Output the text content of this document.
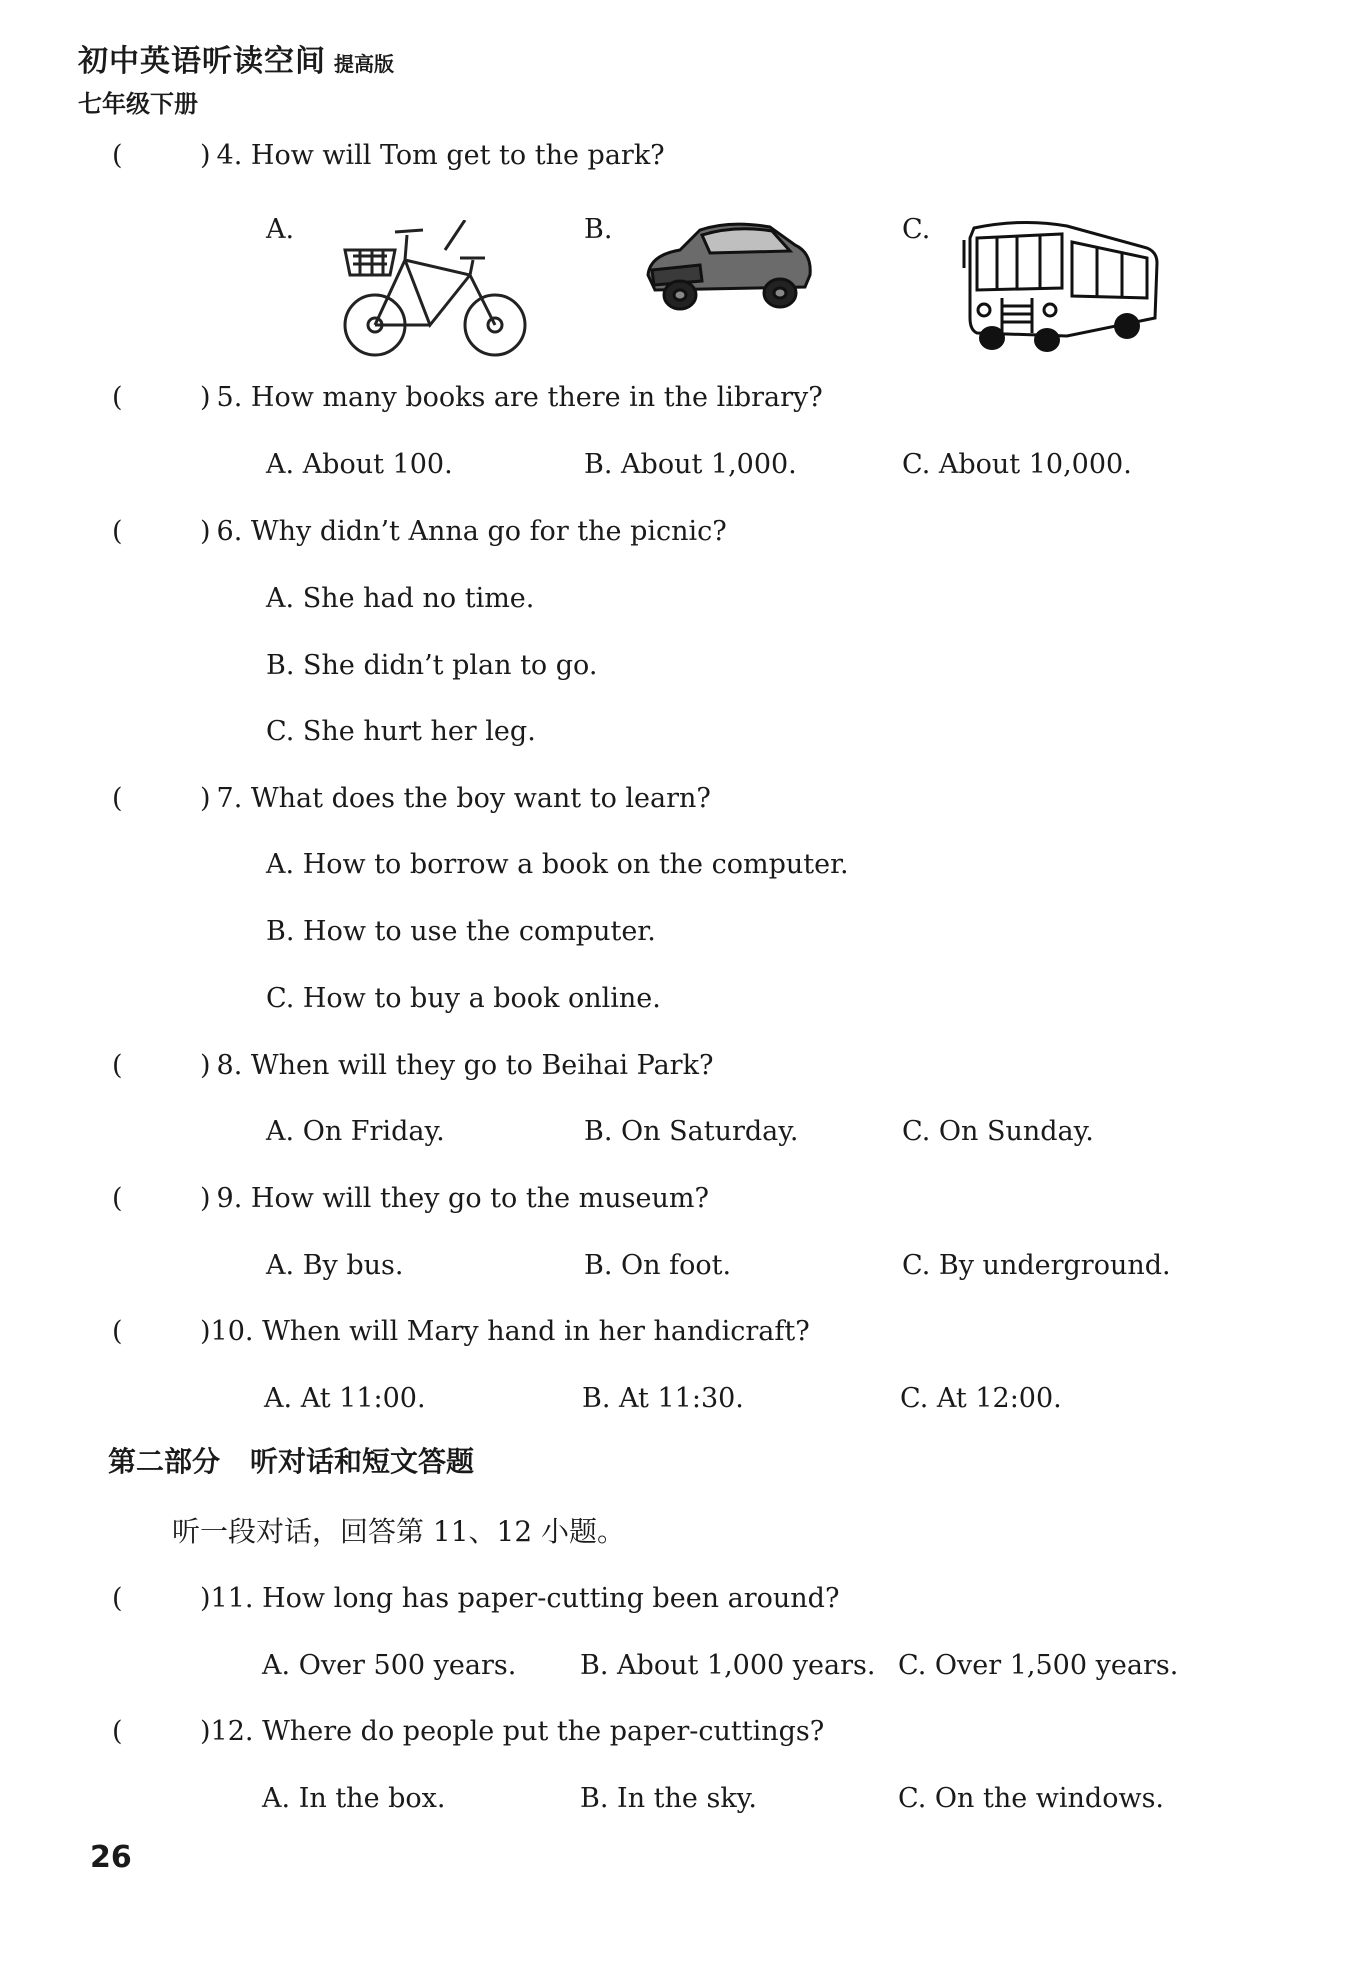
初中英语听读空间 提高版
七年级下册
(	) 4. How will Tom get to the park?
A.	B.	C.
(	) 5. How many books are there in the library?
A. About 100.	B. About 1,000.	C. About 10,000.
(	) 6. Why didn’t Anna go for the picnic?
A. She had no time.
B. She didn’t plan to go.
C. She hurt her leg.
(	) 7. What does the boy want to learn?
A. How to borrow a book on the computer.
B. How to use the computer.
C. How to buy a book online.
(	) 8. When will they go to Beihai Park?
A. On Friday.	B. On Saturday.	C. On Sunday.
(	) 9. How will they go to the museum?
A. By bus.	B. On foot.	C. By underground.
(	)10. When will Mary hand in her handicraft?
A. At 11:00.	B. At 11:30.	C. At 12:00.
第二部分 听对话和短文答题
听一段对话，回答第 11、12 小题。
(	)11. How long has paper-cutting been around?
A. Over 500 years. B. About 1,000 years. C. Over 1,500 years.
(	)12. Where do people put the paper-cuttings?
A. In the box.	B. In the sky.	C. On the windows.
26
